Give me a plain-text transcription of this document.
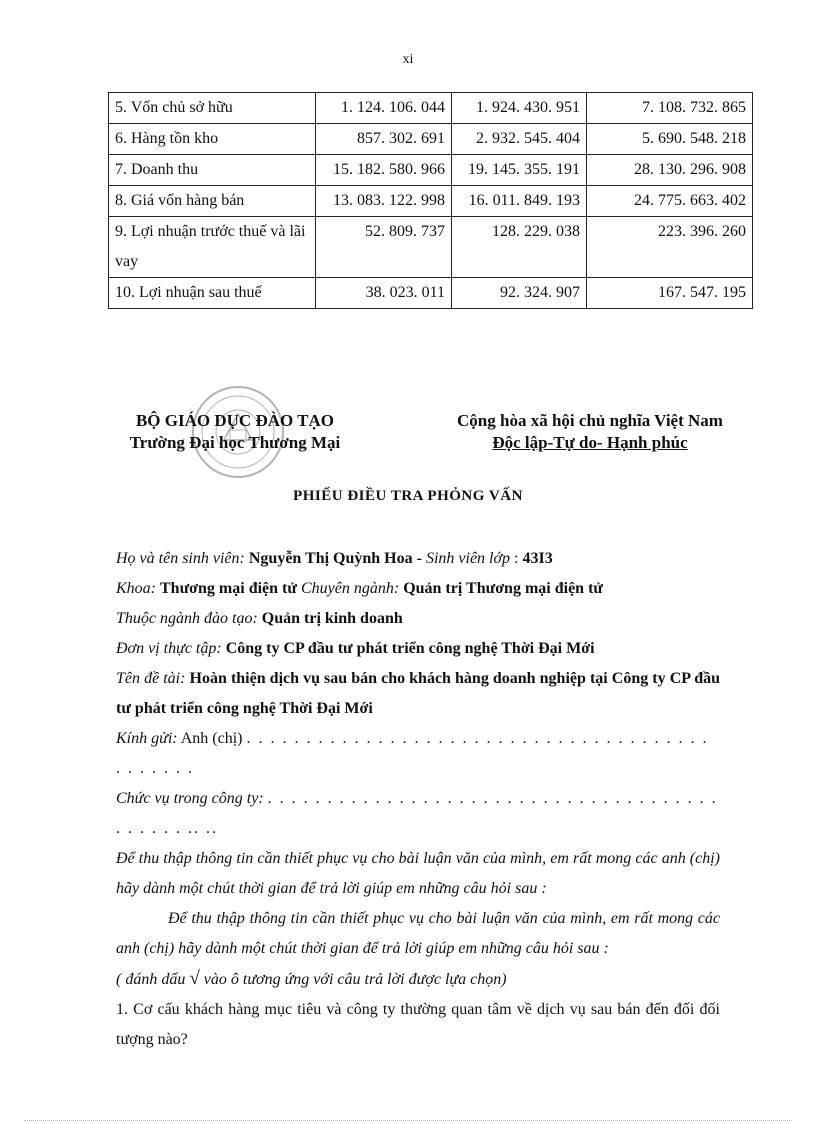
xi
5. Vốn chủ sở hữu	1. 124. 106. 044	1. 924. 430. 951	7. 108. 732. 865
6. Hàng tồn kho	857. 302. 691	2. 932. 545. 404	5. 690. 548. 218
7. Doanh thu	15. 182. 580. 966	19. 145. 355. 191	28. 130. 296. 908
8. Giá vốn hàng bán	13. 083. 122. 998	16. 011. 849. 193	24. 775. 663. 402
9. Lợi nhuận trước thuế và lãi vay	52. 809. 737	128. 229. 038	223. 396. 260
10. Lợi nhuận sau thuế	38. 023. 011	92. 324. 907	167. 547. 195
BỘ GIÁO DỤC ĐÀO TẠO
Trường Đại học Thương Mại
Cộng hòa xã hội chủ nghĩa Việt Nam
Độc lập-Tự do- Hạnh phúc
PHIẾU ĐIỀU TRA PHỎNG VẤN

Họ và tên sinh viên: Nguyễn Thị Quỳnh Hoa - Sinh viên lớp : 43I3

Khoa: Thương mại điện tử Chuyên ngành: Quản trị Thương mại điện tử

Thuộc ngành đào tạo: Quản trị kinh doanh

Đơn vị thực tập: Công ty CP đầu tư phát triển công nghệ Thời Đại Mới

Tên đề tài: Hoàn thiện dịch vụ sau bán cho khách hàng doanh nghiệp tại Công ty CP đầu tư phát triển công nghệ Thời Đại Mới

Kính gửi: Anh (chị) . . . . . . . . . . . . . . . . . . . . . . . . . . . . . . . . . . . . . . . . . . . . . .

Chức vụ trong công ty: . . . . . . . . . . . . . . . . . . . . . . . . . . . . . . . . . . . . . . . . . . . . .. ..

Để thu thập thông tin cần thiết phục vụ cho bài luận văn của mình, em rất mong các anh (chị) hãy dành một chút thời gian để trả lời giúp em những câu hỏi sau :

Để thu thập thông tin cần thiết phục vụ cho bài luận văn của mình, em rất mong các anh (chị) hãy dành một chút thời gian để trả lời giúp em những câu hỏi sau :

( đánh dấu √ vào ô tương ứng với câu trả lời được lựa chọn)

1. Cơ cấu khách hàng mục tiêu và công ty thường quan tâm về dịch vụ sau bán đến đối đối tượng nào?
